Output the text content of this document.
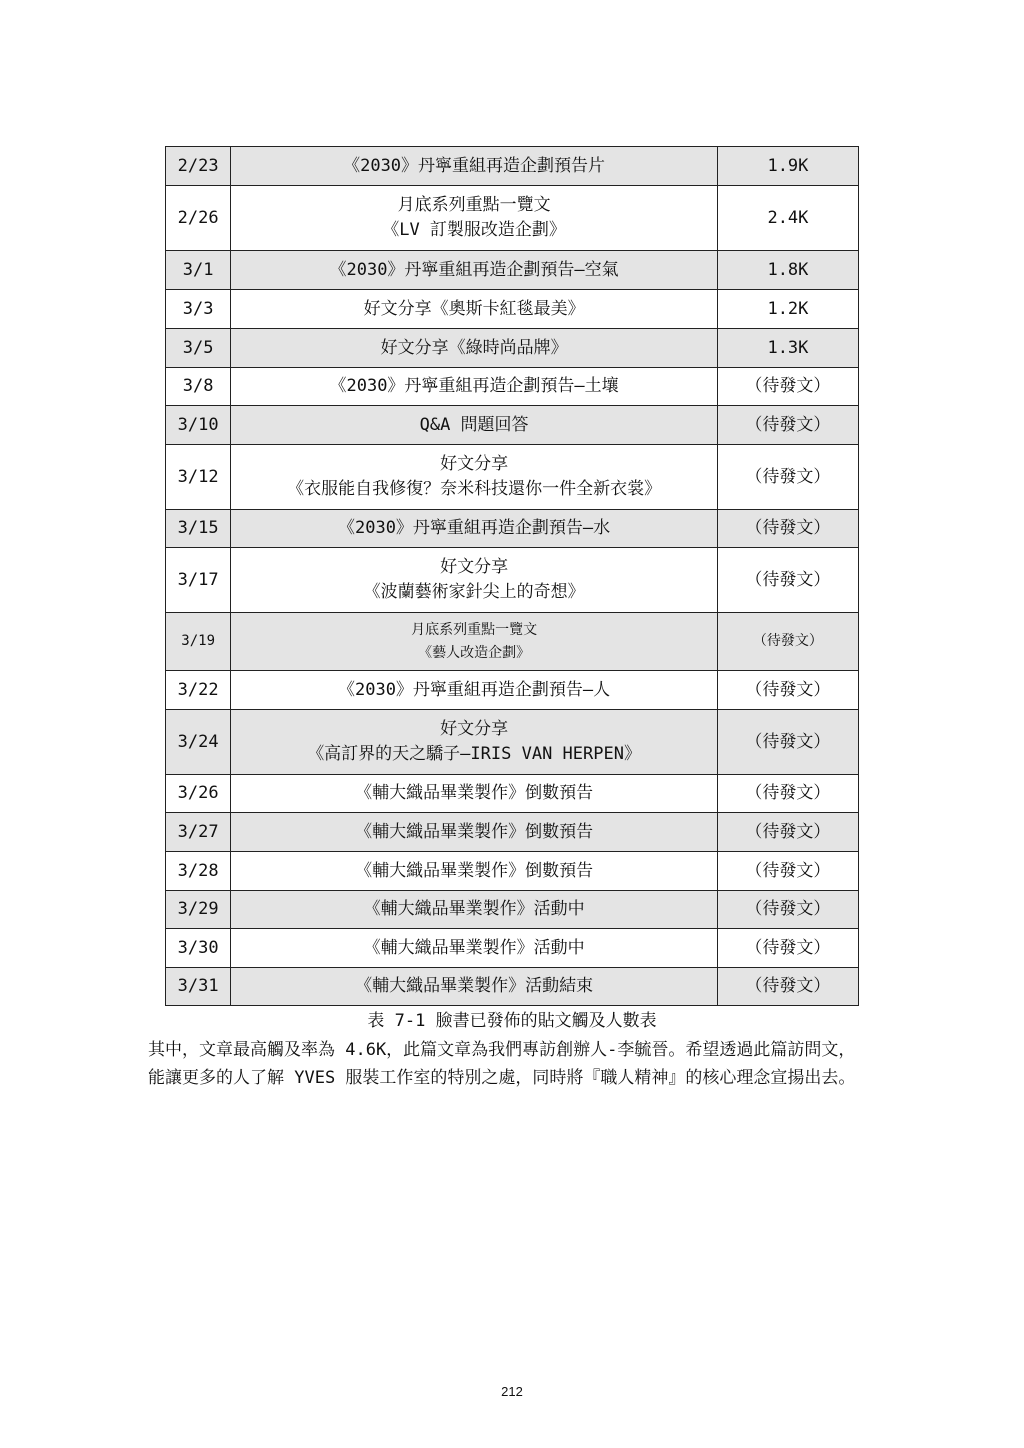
2/23	《2030》丹寧重組再造企劃預告片	1.9K
2/26	月底系列重點一覽文
《LV 訂製服改造企劃》	2.4K
3/1	《2030》丹寧重組再造企劃預告—空氣	1.8K
3/3	好文分享《奧斯卡紅毯最美》	1.2K
3/5	好文分享《綠時尚品牌》	1.3K
3/8	《2030》丹寧重組再造企劃預告—土壤	（待發文）
3/10	Q&A 問題回答	（待發文）
3/12	好文分享
《衣服能自我修復？奈米科技還你一件全新衣裳》	（待發文）
3/15	《2030》丹寧重組再造企劃預告—水	（待發文）
3/17	好文分享
《波蘭藝術家針尖上的奇想》	（待發文）
3/19	月底系列重點一覽文
《藝人改造企劃》	（待發文）
3/22	《2030》丹寧重組再造企劃預告—人	（待發文）
3/24	好文分享
《高訂界的天之驕子—IRIS VAN HERPEN》	（待發文）
3/26	《輔大織品畢業製作》倒數預告	（待發文）
3/27	《輔大織品畢業製作》倒數預告	（待發文）
3/28	《輔大織品畢業製作》倒數預告	（待發文）
3/29	《輔大織品畢業製作》活動中	（待發文）
3/30	《輔大織品畢業製作》活動中	（待發文）
3/31	《輔大織品畢業製作》活動結束	（待發文）
表 7-1 臉書已發佈的貼文觸及人數表

其中，文章最高觸及率為 4.6K，此篇文章為我們專訪創辦人-李毓晉。希望透過此篇訪問文，能讓更多的人了解 YVES 服裝工作室的特別之處，同時將『職人精神』的核心理念宣揚出去。

212
